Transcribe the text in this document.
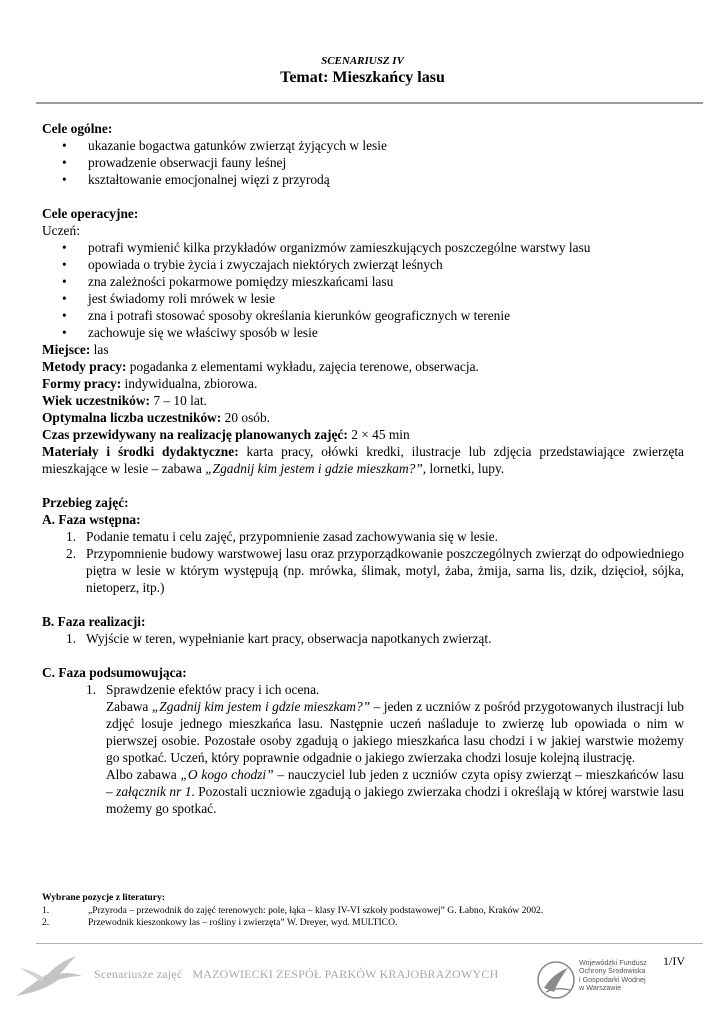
SCENARIUSZ IV
Temat: Mieszkańcy lasu
Cele ogólne:
• ukazanie bogactwa gatunków zwierząt żyjących w lesie
• prowadzenie obserwacji fauny leśnej
• kształtowanie emocjonalnej więzi z przyrodą
Cele operacyjne:
Uczeń:
• potrafi wymienić kilka przykładów organizmów zamieszkujących poszczególne warstwy lasu
• opowiada o trybie życia i zwyczajach niektórych zwierząt leśnych
• zna zależności pokarmowe pomiędzy mieszkańcami lasu
• jest świadomy roli mrówek w lesie
• zna i potrafi stosować sposoby określania kierunków geograficznych w terenie
• zachowuje się we właściwy sposób w lesie
Miejsce: las
Metody pracy: pogadanka z elementami wykładu, zajęcia terenowe, obserwacja.
Formy pracy: indywidualna, zbiorowa.
Wiek uczestników: 7 – 10 lat.
Optymalna liczba uczestników: 20 osób.
Czas przewidywany na realizację planowanych zajęć: 2 × 45 min
Materiały i środki dydaktyczne: karta pracy, ołówki kredki, ilustracje lub zdjęcia przedstawiające zwierzęta mieszkające w lesie – zabawa „Zgadnij kim jestem i gdzie mieszkam?”, lornetki, lupy.
Przebieg zajęć:
A. Faza wstępna:
1. Podanie tematu i celu zajęć, przypomnienie zasad zachowywania się w lesie.
2. Przypomnienie budowy warstwowej lasu oraz przyporządkowanie poszczególnych zwierząt do odpowiedniego piętra w lesie w którym występują (np. mrówka, ślimak, motyl, żaba, żmija, sarna lis, dzik, dzięcioł, sójka, nietoperz, itp.)
B. Faza realizacji:
1. Wyjście w teren, wypełnianie kart pracy, obserwacja napotkanych zwierząt.
C. Faza podsumowująca:
1. Sprawdzenie efektów pracy i ich ocena.
Zabawa „Zgadnij kim jestem i gdzie mieszkam?” – jeden z uczniów z pośród przygotowanych ilustracji lub zdjęć losuje jednego mieszkańca lasu. Następnie uczeń naśladuje to zwierzę lub opowiada o nim w pierwszej osobie. Pozostałe osoby zgadują o jakiego mieszkańca lasu chodzi i w jakiej warstwie możemy go spotkać. Uczeń, który poprawnie odgadnie o jakiego zwierzaka chodzi losuje kolejną ilustrację.
Albo zabawa „O kogo chodzi” – nauczyciel lub jeden z uczniów czyta opisy zwierząt – mieszkańców lasu – załącznik nr 1. Pozostali uczniowie zgadują o jakiego zwierzaka chodzi i określają w której warstwie lasu możemy go spotkać.
Wybrane pozycje z literatury:
1.	„Przyroda – przewodnik do zajęć terenowych: pole, łąka – klasy IV-VI szkoły podstawowej” G. Łabno, Kraków 2002.
2.	Przewodnik kieszonkowy las – rośliny i zwierzęta” W. Dreyer, wyd. MULTICO.
1/IV
Scenariusze zajęć MAZOWIECKI ZESPÓŁ PARKÓW KRAJOBRAZOWYCH
Wojewódzki Fundusz
Ochrony Środowiska
i Gospodarki Wodnej
w Warszawie
